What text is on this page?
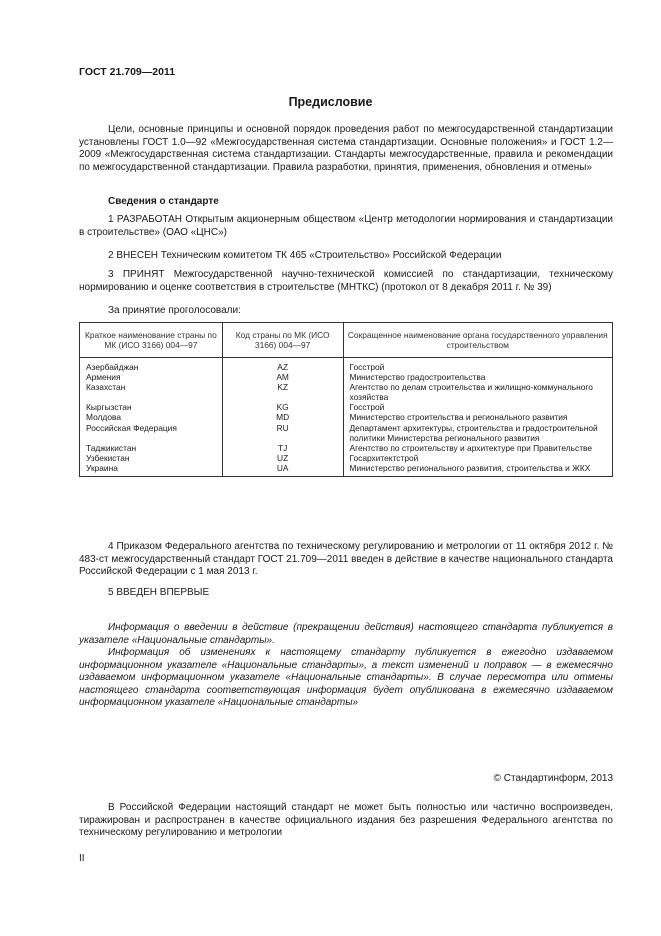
ГОСТ 21.709—2011
Предисловие

Цели, основные принципы и основной порядок проведения работ по межгосударственной стандартизации установлены ГОСТ 1.0—92 «Межгосударственная система стандартизации. Основные положения» и ГОСТ 1.2—2009 «Межгосударственная система стандартизации. Стандарты межгосударственные, правила и рекомендации по межгосударственной стандартизации. Правила разработки, принятия, применения, обновления и отмены»

Сведения о стандарте

1 РАЗРАБОТАН Открытым акционерным обществом «Центр методологии нормирования и стандартизации в строительстве» (ОАО «ЦНС»)

2 ВНЕСЕН Техническим комитетом ТК 465 «Строительство» Российской Федерации

3 ПРИНЯТ Межгосударственной научно-технической комиссией по стандартизации, техническому нормированию и оценке соответствия в строительстве (МНТКС) (протокол от 8 декабря 2011 г. № 39)

За принятие проголосовали:

Краткое наименование страны по МК (ИСО 3166) 004—97	Код страны по МК (ИСО 3166) 004—97	Сокращенное наименование органа государственного управления строительством
Азербайджан	AZ	Госстрой
Армения	AM	Министерство градостроительства
Казахстан	KZ	Агентство по делам строительства и жилищно-коммунального хозяйства
Кыргызстан	KG	Госстрой
Молдова	MD	Министерство строительства и регионального развития
Российская Федерация	RU	Департамент архитектуры, строительства и градостроительной политики Министерства регионального развития
Таджикистан	TJ	Агентство по строительству и архитектуре при Правительстве
Узбекистан	UZ	Госархитектстрой
Украина	UA	Министерство регионального развития, строительства и ЖКХ

4 Приказом Федерального агентства по техническому регулированию и метрологии от 11 октября 2012 г. № 483-ст межгосударственный стандарт ГОСТ 21.709—2011 введен в действие в качестве национального стандарта Российской Федерации с 1 мая 2013 г.

5 ВВЕДЕН ВПЕРВЫЕ

Информация о введении в действие (прекращении действия) настоящего стандарта публикуется в указателе «Национальные стандарты».

Информация об изменениях к настоящему стандарту публикуется в ежегодно издаваемом информационном указателе «Национальные стандарты», а текст изменений и поправок — в ежемесячно издаваемом информационном указателе «Национальные стандарты». В случае пересмотра или отмены настоящего стандарта соответствующая информация будет опубликована в ежемесячно издаваемом информационном указателе «Национальные стандарты»

© Стандартинформ, 2013

В Российской Федерации настоящий стандарт не может быть полностью или частично воспроизведен, тиражирован и распространен в качестве официального издания без разрешения Федерального агентства по техническому регулированию и метрологии

II
